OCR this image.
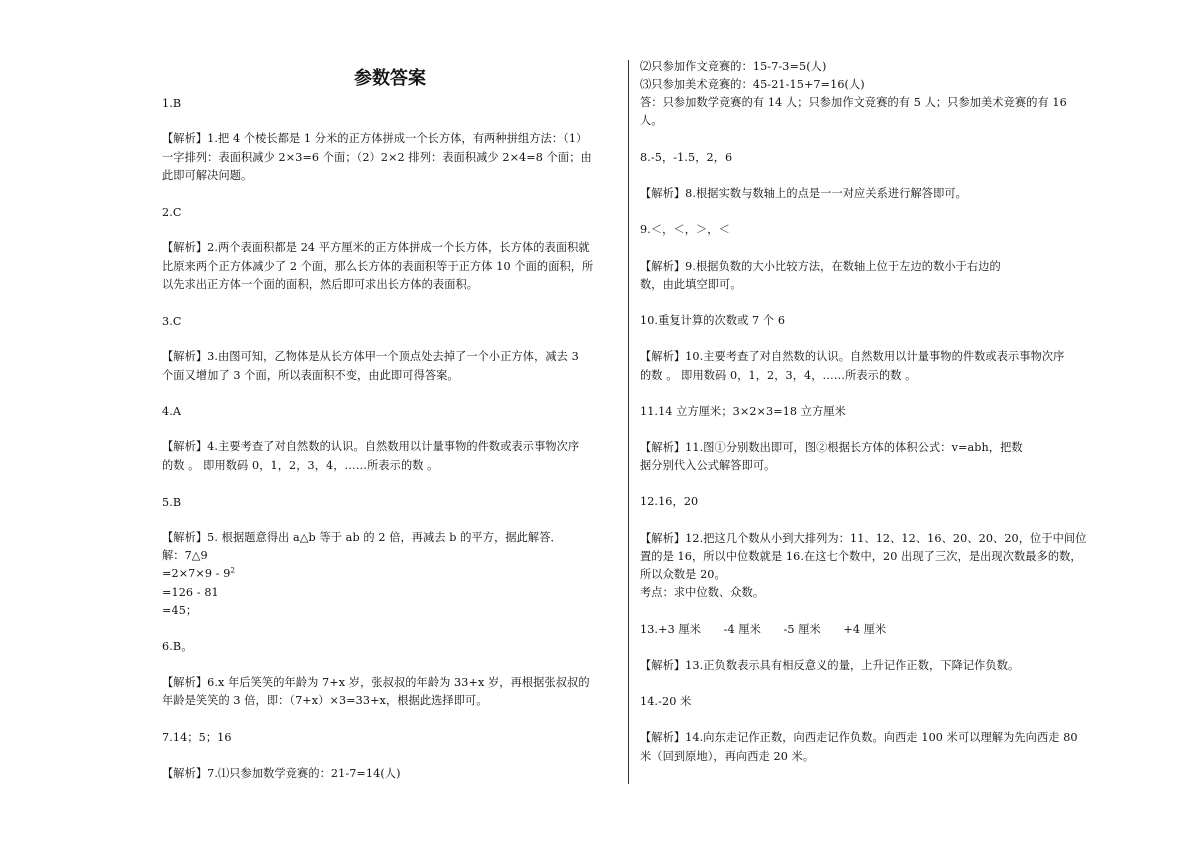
参数答案
1.B
【解析】1.把 4 个棱长都是 1 分米的正方体拼成一个长方体，有两种拼组方法：（1）
一字排列：表面积减少 2×3=6 个面；（2）2×2 排列：表面积减少 2×4=8 个面；由
此即可解决问题。
2.C
【解析】2.两个表面积都是 24 平方厘米的正方体拼成一个长方体，长方体的表面积就
比原来两个正方体减少了 2 个面，那么长方体的表面积等于正方体 10 个面的面积，所
以先求出正方体一个面的面积，然后即可求出长方体的表面积。
3.C
【解析】3.由图可知，乙物体是从长方体甲一个顶点处去掉了一个小正方体，减去 3
个面又增加了 3 个面，所以表面积不变，由此即可得答案。
4.A
【解析】4.主要考查了对自然数的认识。自然数用以计量事物的件数或表示事物次序
的数 。 即用数码 0，1，2，3，4，……所表示的数 。
5.B
【解析】5. 根据题意得出 a△b 等于 ab 的 2 倍，再减去 b 的平方，据此解答．
解：7△9
$=2\times 7\times 9 - 9^2$
=126 - 81
=45；
6.B。
【解析】6.x 年后笑笑的年龄为 7+x 岁，张叔叔的年龄为 33+x 岁，再根据张叔叔的
年龄是笑笑的 3 倍，即：（7+x）×3=33+x，根据此选择即可。
7.14；5；16
【解析】7.⑴只参加数学竞赛的：21-7=14(人)
⑵只参加作文竞赛的：15-7-3=5(人)
⑶只参加美术竞赛的：45-21-15+7=16(人)
答：只参加数学竞赛的有 14 人；只参加作文竞赛的有 5 人；只参加美术竞赛的有 16
人。
8.-5，-1.5，2，6
【解析】8.根据实数与数轴上的点是一一对应关系进行解答即可。
9.＜，＜，＞，＜
【解析】9.根据负数的大小比较方法，在数轴上位于左边的数小于右边的
数，由此填空即可。
10.重复计算的次数或 7 个 6
【解析】10.主要考查了对自然数的认识。自然数用以计量事物的件数或表示事物次序
的数 。 即用数码 0，1，2，3，4，……所表示的数 。
11.14 立方厘米；3×2×3=18 立方厘米
【解析】11.图①分别数出即可，图②根据长方体的体积公式：v=abh，把数
据分别代入公式解答即可。
12.16，20
【解析】12.把这几个数从小到大排列为：11、12、12、16、20、20、20，位于中间位
置的是 16，所以中位数就是 16.在这七个数中，20 出现了三次，是出现次数最多的数，
所以众数是 20。
考点：求中位数、众数。
13.+3 厘米　　-4 厘米　　-5 厘米　　+4 厘米
【解析】13.正负数表示具有相反意义的量，上升记作正数，下降记作负数。
14.-20 米
【解析】14.向东走记作正数，向西走记作负数。向西走 100 米可以理解为先向西走 80
米（回到原地），再向西走 20 米。
